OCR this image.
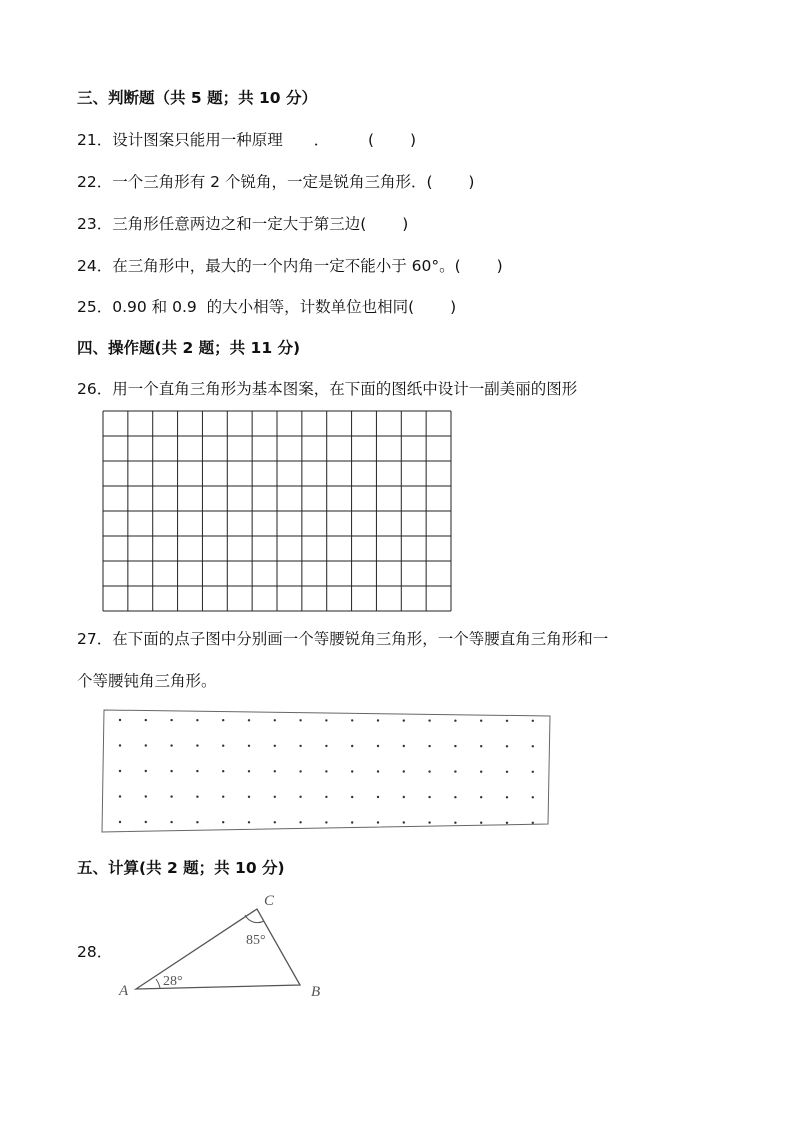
三、判断题（共 5 题；共 10 分）
21．设计图案只能用一种原理　　．　　　(　　 )
22．一个三角形有 2 个锐角，一定是锐角三角形．(　　 )
23．三角形任意两边之和一定大于第三边(　　 )
24．在三角形中，最大的一个内角一定不能小于 60°。(　　 )
25．0.90 和 0.9  的大小相等，计数单位也相同(　　 )
四、操作题(共 2 题；共 11 分)
26．用一个直角三角形为基本图案，在下面的图纸中设计一副美丽的图形
27．在下面的点子图中分别画一个等腰锐角三角形，一个等腰直角三角形和一
个等腰钝角三角形。
五、计算(共 2 题；共 10 分)
28．
A	B
C
28°
85°
